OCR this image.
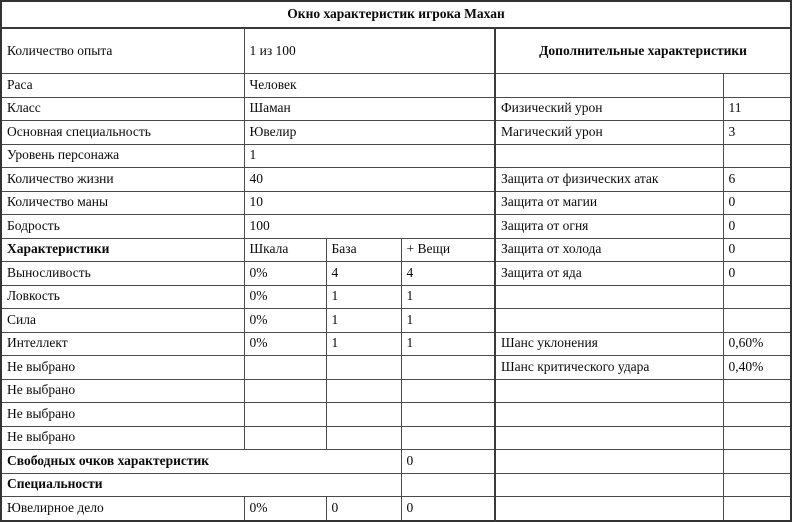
Окно характеристик игрока Махан					
Количество опыта	1 из 100			Дополнительные характеристики	
Раса	Человек				
Класс	Шаман			Физический урон	11
Основная специальность	Ювелир			Магический урон	3
Уровень персонажа	1				
Количество жизни	40			Защита от физических атак	6
Количество маны	10			Защита от магии	0
Бодрость	100			Защита от огня	0
Характеристики	Шкала	База	+ Вещи	Защита от холода	0
Выносливость	0%	4	4	Защита от яда	0
Ловкость	0%	1	1		
Сила	0%	1	1		
Интеллект	0%	1	1	Шанс уклонения	0,60%
Не выбрано				Шанс критического удара	0,40%
Не выбрано					
Не выбрано					
Не выбрано					
Свободных очков характеристик			0		
Специальности					
Ювелирное дело	0%	0	0		
